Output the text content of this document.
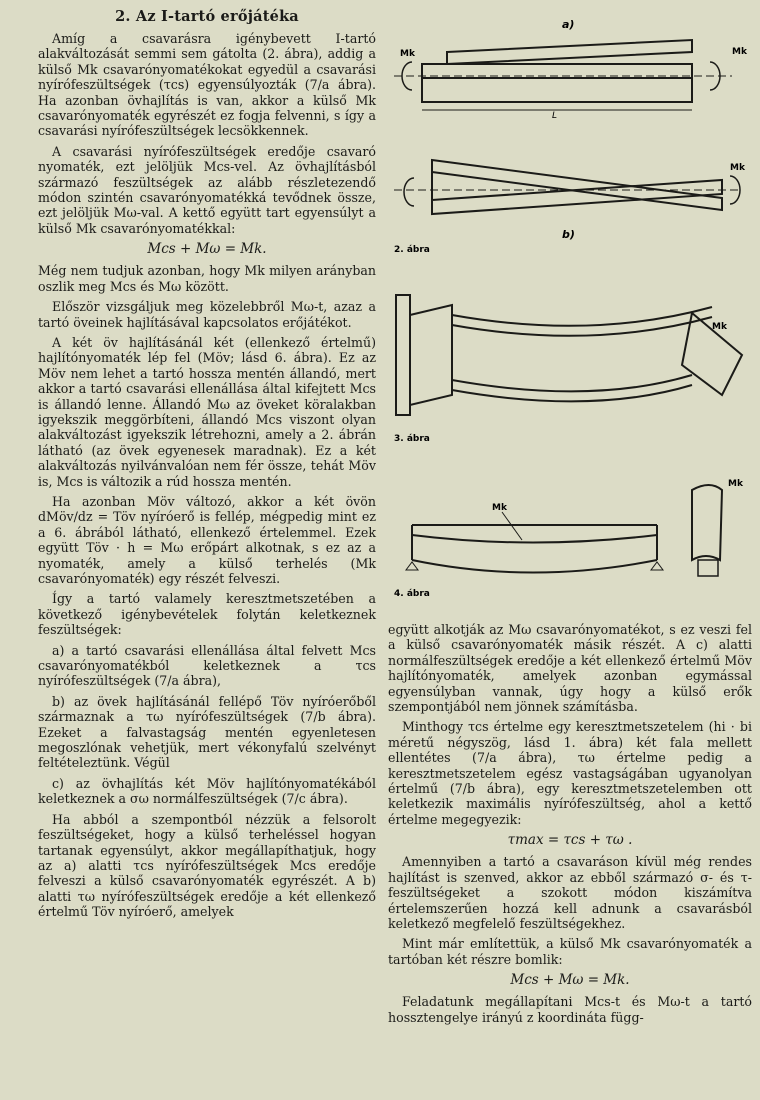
2. Az I-tartó erőjátéka

Amíg a csavarásra igénybevett I-tartó alakváltozását semmi sem gátolta (2. ábra), addig a külső Mk csavarónyomatékokat egyedül a csavarási nyírófeszültségek (τcs) egyensúlyozták (7/a ábra). Ha azonban övhajlítás is van, akkor a külső Mk csavarónyomaték egyrészét ez fogja felvenni, s így a csavarási nyírófeszültségek lecsökkennek.

A csavarási nyírófeszültségek eredője csavaró nyomaték, ezt jelöljük Mcs-vel. Az övhajlításból származó feszültségek az alább részletezendő módon szintén csavarónyomatékká tevődnek össze, ezt jelöljük Mω-val. A kettő együtt tart egyensúlyt a külső Mk csavarónyomatékkal:

Mcs + Mω = Mk.

Még nem tudjuk azonban, hogy Mk milyen arányban oszlik meg Mcs és Mω között.

Először vizsgáljuk meg közelebbről Mω-t, azaz a tartó öveinek hajlításával kapcsolatos erőjátékot.

A két öv hajlításánál két (ellenkező értelmű) hajlítónyomaték lép fel (Möv; lásd 6. ábra). Ez az Möv nem lehet a tartó hossza mentén állandó, mert akkor a tartó csavarási ellenállása által kifejtett Mcs is állandó lenne. Állandó Mω az öveket köralakban igyekszik meggörbíteni, állandó Mcs viszont olyan alakváltozást igyekszik létrehozni, amely a 2. ábrán látható (az övek egyenesek maradnak). Ez a két alakváltozás nyilvánvalóan nem fér össze, tehát Möv is, Mcs is változik a rúd hossza mentén.

Ha azonban Möv változó, akkor a két övön dMöv/dz = Töv nyíróerő is fellép, mégpedig mint ez a 6. ábrából látható, ellenkező értelemmel. Ezek együtt Töv · h = Mω erőpárt alkotnak, s ez az a nyomaték, amely a külső terhelés (Mk csavarónyomaték) egy részét felveszi.

Így a tartó valamely keresztmetszetében a következő igénybevételek folytán keletkeznek feszültségek:

a) a tartó csavarási ellenállása által felvett Mcs csavarónyomatékból keletkeznek a τcs nyírófeszültségek (7/a ábra),

b) az övek hajlításánál fellépő Töv nyíróerőből származnak a τω nyírófeszültségek (7/b ábra). Ezeket a falvastagság mentén egyenletesen megoszlónak vehetjük, mert vékonyfalú szelvényt feltételeztünk. Végül

c) az övhajlítás két Möv hajlítónyomatékából keletkeznek a σω normálfeszültségek (7/c ábra).

Ha abból a szempontból nézzük a felsorolt feszültségeket, hogy a külső terheléssel hogyan tartanak egyensúlyt, akkor megállapíthatjuk, hogy az a) alatti τcs nyírófeszültségek Mcs eredője felveszi a külső csavarónyomaték egyrészét. A b) alatti τω nyírófeszültségek eredője a két ellenkező értelmű Töv nyíróerő, amelyek

a)
Mk	Mk
L
Mk
b)
2. ábra
Mk
3. ábra
Mk
Mk
4. ábra

együtt alkotják az Mω csavarónyomatékot, s ez veszi fel a külső csavarónyomaték másik részét. A c) alatti normálfeszültségek eredője a két ellenkező értelmű Möv hajlítónyomaték, amelyek azonban egymással egyensúlyban vannak, úgy hogy a külső erők szempontjából nem jönnek számításba.

Minthogy τcs értelme egy keresztmetszetelem (hi · bi méretű négyszög, lásd 1. ábra) két fala mellett ellentétes (7/a ábra), τω értelme pedig a keresztmetszetelem egész vastagságában ugyanolyan értelmű (7/b ábra), egy keresztmetszetelemben ott keletkezik maximális nyírófeszültség, ahol a kettő értelme megegyezik:

τmax = τcs + τω .

Amennyiben a tartó a csavaráson kívül még rendes hajlítást is szenved, akkor az ebből származó σ- és τ-feszültségeket a szokott módon kiszámítva értelemszerűen hozzá kell adnunk a csavarásból keletkező megfelelő feszültségekhez.

Mint már említettük, a külső Mk csavarónyomaték a tartóban két részre bomlik:

Mcs + Mω = Mk.

Feladatunk megállapítani Mcs-t és Mω-t a tartó hossztengelye irányú z koordináta függ-
